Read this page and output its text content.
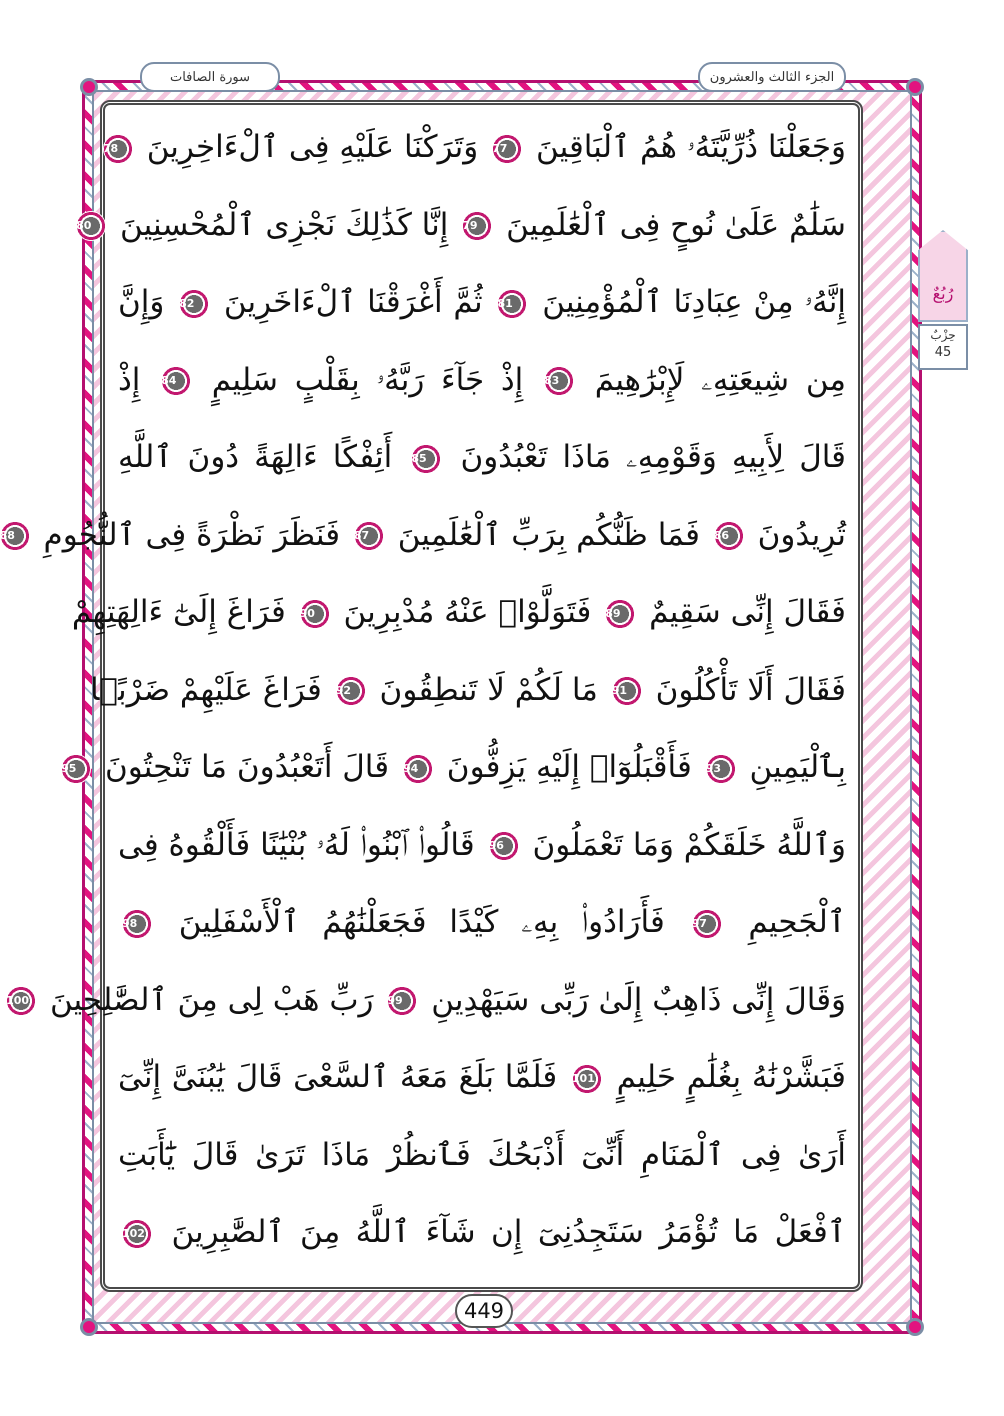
الجزء الثالث والعشرون
سورة الصافات
رُبُعٌ
حِزْبٌ
45
وَجَعَلْنَا ذُرِّيَّتَهُۥ هُمُ ٱلْبَاقِينَ 77 وَتَرَكْنَا عَلَيْهِ فِى ٱلْءَاخِرِينَ 78
سَلَٰمٌ عَلَىٰ نُوحٍ فِى ٱلْعَٰلَمِينَ 79 إِنَّا كَذَٰلِكَ نَجْزِى ٱلْمُحْسِنِينَ 80
إِنَّهُۥ مِنْ عِبَادِنَا ٱلْمُؤْمِنِينَ 81 ثُمَّ أَغْرَقْنَا ٱلْءَاخَرِينَ 82 وَإِنَّ
مِن شِيعَتِهِۦ لَإِبْرَٰهِيمَ 83 إِذْ جَآءَ رَبَّهُۥ بِقَلْبٍ سَلِيمٍ 84 إِذْ
قَالَ لِأَبِيهِ وَقَوْمِهِۦ مَاذَا تَعْبُدُونَ 85 أَئِفْكًا ءَالِهَةً دُونَ ٱللَّهِ
تُرِيدُونَ 86 فَمَا ظَنُّكُم بِرَبِّ ٱلْعَٰلَمِينَ 87 فَنَظَرَ نَظْرَةً فِى ٱلنُّجُومِ 88
فَقَالَ إِنِّى سَقِيمٌ 89 فَتَوَلَّوْا۟ عَنْهُ مُدْبِرِينَ 90 فَرَاغَ إِلَىٰٓ ءَالِهَتِهِمْ
فَقَالَ أَلَا تَأْكُلُونَ 91 مَا لَكُمْ لَا تَنطِقُونَ 92 فَرَاغَ عَلَيْهِمْ ضَرْبًۢا
بِٱلْيَمِينِ 93 فَأَقْبَلُوٓا۟ إِلَيْهِ يَزِفُّونَ 94 قَالَ أَتَعْبُدُونَ مَا تَنْحِتُونَ 95
وَٱللَّهُ خَلَقَكُمْ وَمَا تَعْمَلُونَ 96 قَالُوا۟ ٱبْنُوا۟ لَهُۥ بُنْيَٰنًا فَأَلْقُوهُ فِى
ٱلْجَحِيمِ 97 فَأَرَادُوا۟ بِهِۦ كَيْدًا فَجَعَلْنَٰهُمُ ٱلْأَسْفَلِينَ 98
وَقَالَ إِنِّى ذَاهِبٌ إِلَىٰ رَبِّى سَيَهْدِينِ 99 رَبِّ هَبْ لِى مِنَ ٱلصَّٰلِحِينَ 100
فَبَشَّرْنَٰهُ بِغُلَٰمٍ حَلِيمٍ 101 فَلَمَّا بَلَغَ مَعَهُ ٱلسَّعْىَ قَالَ يَٰبُنَىَّ إِنِّىٓ
أَرَىٰ فِى ٱلْمَنَامِ أَنِّىٓ أَذْبَحُكَ فَٱنظُرْ مَاذَا تَرَىٰ قَالَ يَٰٓأَبَتِ
ٱفْعَلْ مَا تُؤْمَرُ سَتَجِدُنِىٓ إِن شَآءَ ٱللَّهُ مِنَ ٱلصَّٰبِرِينَ 102
449
